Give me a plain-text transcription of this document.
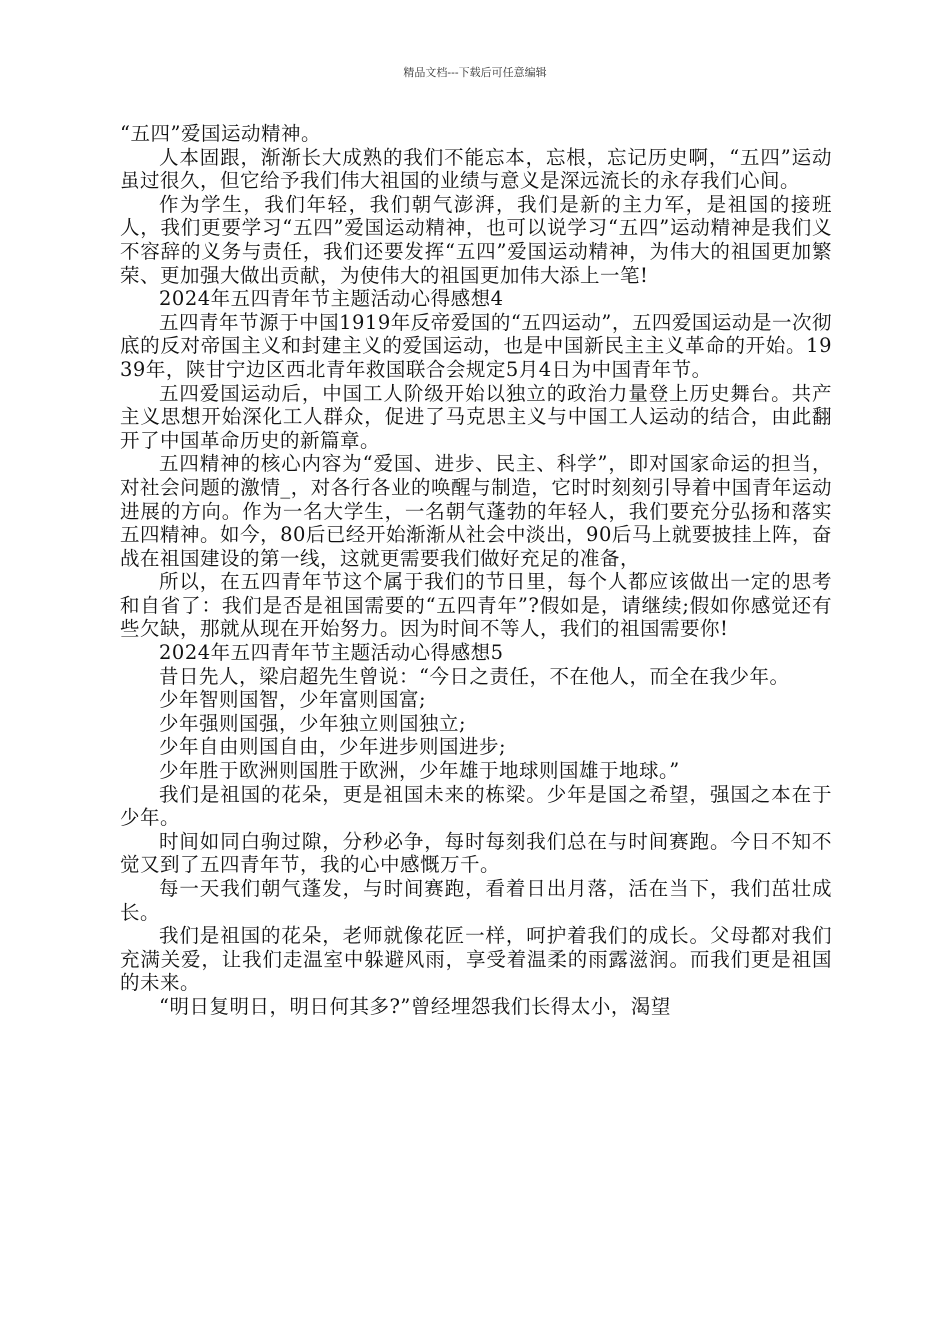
精品文档---下载后可任意编辑

“五四”爱国运动精神。

人本固跟，渐渐长大成熟的我们不能忘本，忘根，忘记历史啊，“五四”运动虽过很久，但它给予我们伟大祖国的业绩与意义是深远流长的永存我们心间。

作为学生，我们年轻，我们朝气澎湃，我们是新的主力军，是祖国的接班人，我们更要学习“五四”爱国运动精神，也可以说学习“五四”运动精神是我们义不容辞的义务与责任，我们还要发挥“五四”爱国运动精神，为伟大的祖国更加繁荣、更加强大做出贡献，为使伟大的祖国更加伟大添上一笔!

2024年五四青年节主题活动心得感想4

五四青年节源于中国1919年反帝爱国的“五四运动”，五四爱国运动是一次彻底的反对帝国主义和封建主义的爱国运动，也是中国新民主主义革命的开始。1939年，陕甘宁边区西北青年救国联合会规定5月4日为中国青年节。

五四爱国运动后，中国工人阶级开始以独立的政治力量登上历史舞台。共产主义思想开始深化工人群众，促进了马克思主义与中国工人运动的结合，由此翻开了中国革命历史的新篇章。

五四精神的核心内容为“爱国、进步、民主、科学”，即对国家命运的担当，对社会问题的激情_，对各行各业的唤醒与制造，它时时刻刻引导着中国青年运动进展的方向。作为一名大学生，一名朝气蓬勃的年轻人，我们要充分弘扬和落实五四精神。如今，80后已经开始渐渐从社会中淡出，90后马上就要披挂上阵，奋战在祖国建设的第一线，这就更需要我们做好充足的准备，

所以，在五四青年节这个属于我们的节日里，每个人都应该做出一定的思考和自省了：我们是否是祖国需要的“五四青年”?假如是，请继续;假如你感觉还有些欠缺，那就从现在开始努力。因为时间不等人，我们的祖国需要你!

2024年五四青年节主题活动心得感想5

昔日先人，梁启超先生曾说：“今日之责任，不在他人，而全在我少年。

少年智则国智，少年富则国富;

少年强则国强，少年独立则国独立;

少年自由则国自由，少年进步则国进步;

少年胜于欧洲则国胜于欧洲，少年雄于地球则国雄于地球。”

我们是祖国的花朵，更是祖国未来的栋梁。少年是国之希望，强国之本在于少年。

时间如同白驹过隙，分秒必争，每时每刻我们总在与时间赛跑。今日不知不觉又到了五四青年节，我的心中感慨万千。

每一天我们朝气蓬发，与时间赛跑，看着日出月落，活在当下，我们茁壮成长。

我们是祖国的花朵，老师就像花匠一样，呵护着我们的成长。父母都对我们充满关爱，让我们走温室中躲避风雨，享受着温柔的雨露滋润。而我们更是祖国的未来。

“明日复明日，明日何其多?”曾经埋怨我们长得太小，渴望
